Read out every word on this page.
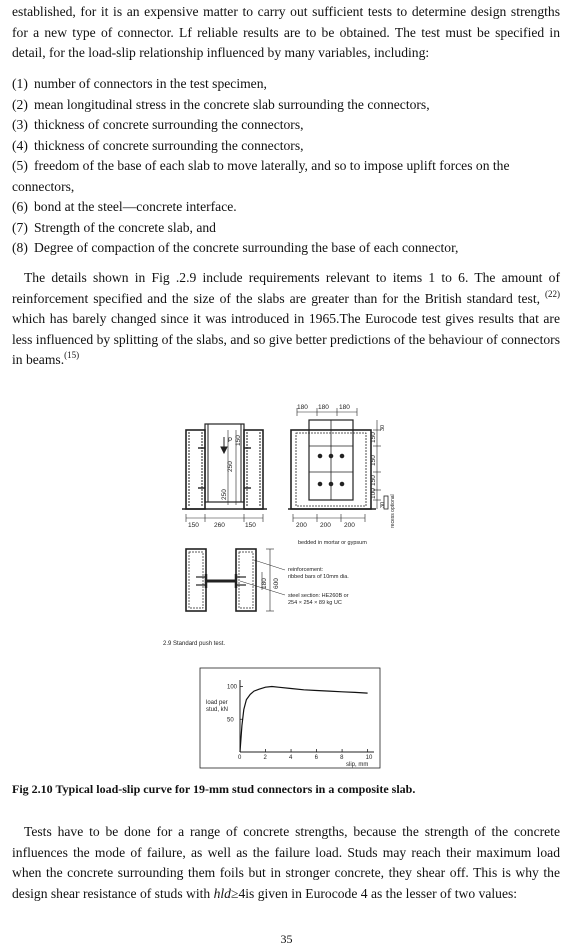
established, for it is an expensive matter to carry out sufficient tests to determine design strengths for a new type of connector. Lf reliable results are to be obtained. The test must be specified in detail, for the load-slip relationship influenced by many variables, including:
(1) number of connectors in the test specimen,
(2) mean longitudinal stress in the concrete slab surrounding the connectors,
(3) thickness of concrete surrounding the connectors,
(4) thickness of concrete surrounding the connectors,
(5) freedom of the base of each slab to move laterally, and so to impose uplift forces on the
connectors,
(6) bond at the steel—concrete interface.
(7) Strength of the concrete slab, and
(8) Degree of compaction of the concrete surrounding the base of each connector,
The details shown in Fig .2.9 include requirements relevant to items 1 to 6. The amount of reinforcement specified and the size of the slabs are greater than for the British standard test, $^{(22)}$ which has barely changed since it was introduced in 1965.The Eurocode test gives results that are less influenced by splitting of the slabs, and so give better predictions of the behaviour of connectors in beams.$^{(15)}$
0	2	4	6	8	10
50
100
P
180 180 180
150 260	150	200 200 200
150
250
250
150
150
150
100
30
30
recess optional
bedded in mortar or gypsum
reinforcement:
ribbed bars of 10mm dia.
steel section: HE260B or
254 × 254 × 89 kg UC
180 600
2.9 Standard push test.
load per
stud, kN
slip, mm
Fig 2.10 Typical load-slip curve for 19-mm stud connectors in a composite slab.
Tests have to be done for a range of concrete strengths, because the strength of the concrete influences the mode of failure, as well as the failure load. Studs may reach their maximum load when the concrete surrounding them foils but in stronger concrete, they shear off. This is why the design shear resistance of studs with hld≥4is given in Eurocode 4 as the lesser of two values:
35
